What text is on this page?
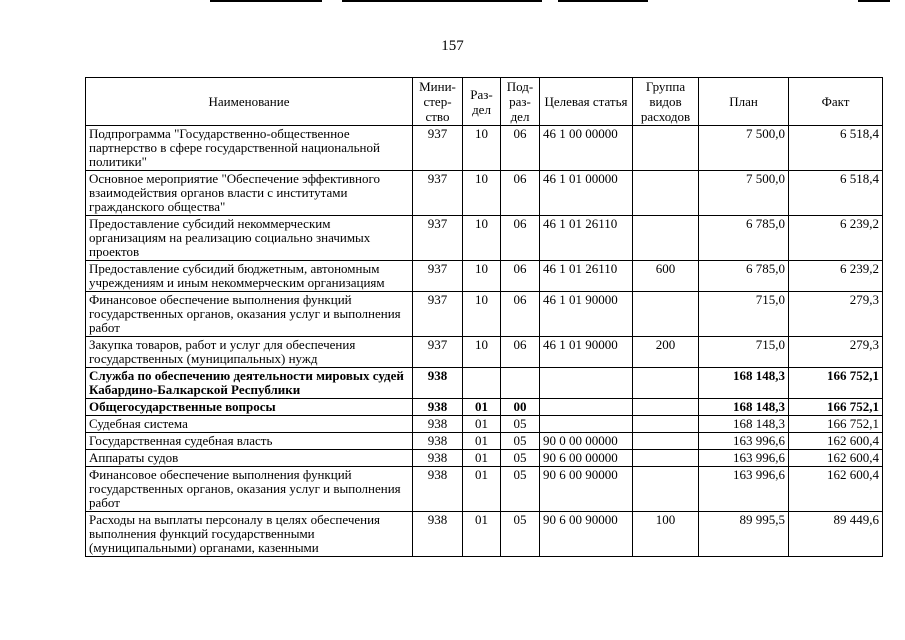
157
Наименование	Мини-стер-ство	Раз-дел	Под-раз-дел	Целевая статья	Группа видов расходов	План	Факт
Подпрограмма "Государственно-общественное партнерство в сфере государственной национальной политики"	937	10	06	46 1 00 00000		7 500,0	6 518,4
Основное мероприятие "Обеспечение эффективного взаимодействия органов власти с институтами гражданского общества"	937	10	06	46 1 01 00000		7 500,0	6 518,4
Предоставление субсидий некоммерческим организациям на реализацию социально значимых проектов	937	10	06	46 1 01 26110		6 785,0	6 239,2
Предоставление субсидий бюджетным, автономным учреждениям и иным некоммерческим организациям	937	10	06	46 1 01 26110	600	6 785,0	6 239,2
Финансовое обеспечение выполнения функций государственных органов, оказания услуг и выполнения работ	937	10	06	46 1 01 90000		715,0	279,3
Закупка товаров, работ и услуг для обеспечения государственных (муниципальных) нужд	937	10	06	46 1 01 90000	200	715,0	279,3
Служба по обеспечению деятельности мировых судей Кабардино-Балкарской Республики	938					168 148,3	166 752,1
Общегосударственные вопросы	938	01	00			168 148,3	166 752,1
Судебная система	938	01	05			168 148,3	166 752,1
Государственная судебная власть	938	01	05	90 0 00 00000		163 996,6	162 600,4
Аппараты судов	938	01	05	90 6 00 00000		163 996,6	162 600,4
Финансовое обеспечение выполнения функций государственных органов, оказания услуг и выполнения работ	938	01	05	90 6 00 90000		163 996,6	162 600,4
Расходы на выплаты персоналу в целях обеспечения выполнения функций государственными (муниципальными) органами, казенными	938	01	05	90 6 00 90000	100	89 995,5	89 449,6
